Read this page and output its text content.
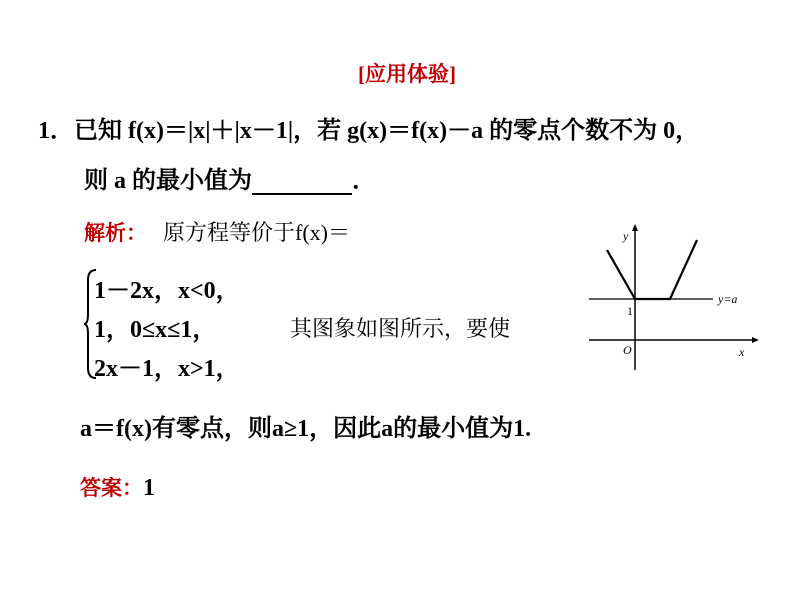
[应用体验]
1．已知 f(x)＝|x|＋|x－1|，若 g(x)＝f(x)－a 的零点个数不为 0，
则 a 的最小值为	．
解析： 原方程等价于f(x)＝
1－2x，x<0，
1，0≤x≤1，
2x－1，x>1，
其图象如图所示，要使
y
x
O
1
y=a
a＝f(x)有零点，则a≥1，因此a的最小值为1.
答案：1
